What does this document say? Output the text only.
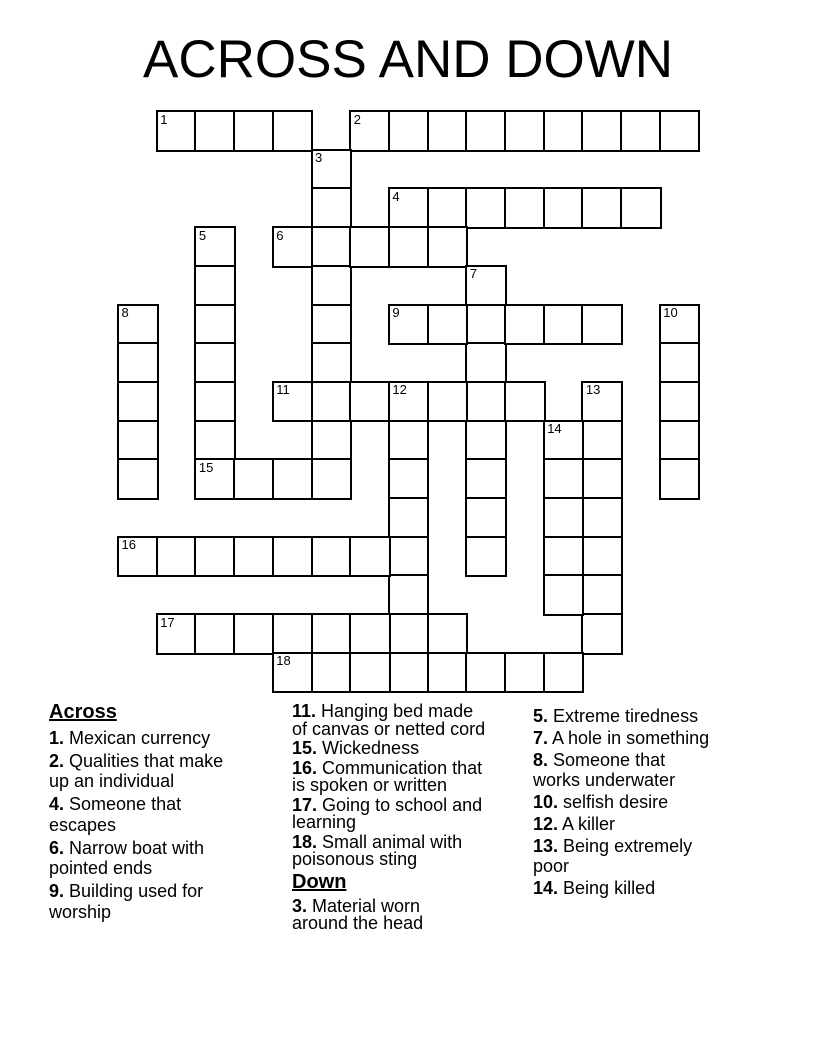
ACROSS AND DOWN
1	2
3
4
5
15
6
7
8	9	10
11	12	13
14
16
17
18
Across
1. Mexican currency
2. Qualities that make
up an individual
4. Someone that
escapes
6. Narrow boat with
pointed ends
9. Building used for
worship
11. Hanging bed made
of canvas or netted cord
15. Wickedness
16. Communication that
is spoken or written
17. Going to school and
learning
18. Small animal with
poisonous sting
Down
3. Material worn
around the head
5. Extreme tiredness
7. A hole in something
8. Someone that
works underwater
10. selfish desire
12. A killer
13. Being extremely
poor
14. Being killed
